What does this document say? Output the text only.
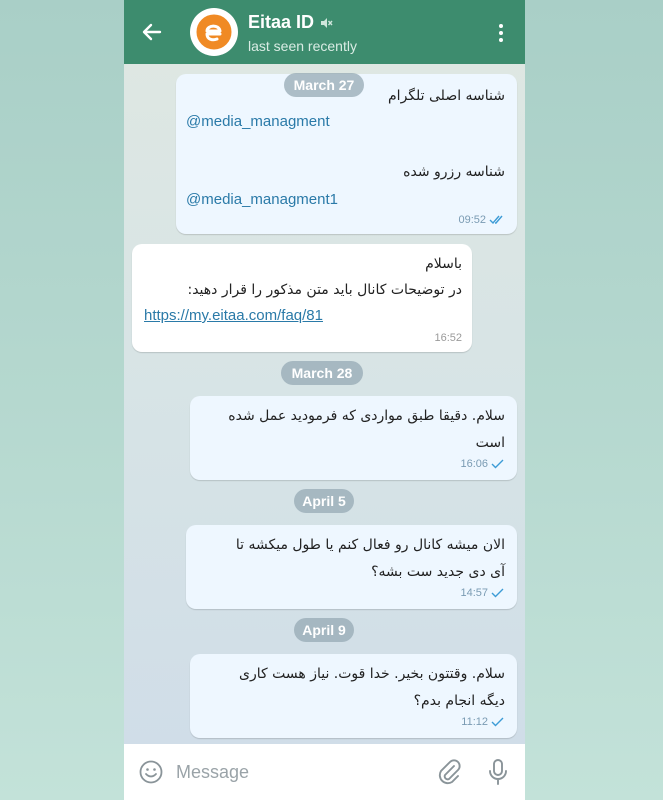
Eitaa ID
last seen recently
شناسه اصلی تلگرام
@media_managment
شناسه رزرو شده
@media_managment1
09:52
March 27
باسلام
در توضیحات کانال باید متن مذکور را قرار دهید:
https://my.eitaa.com/faq/81
16:52
March 28
سلام. دقیقا طبق مواردی که فرمودید عمل شده
است
16:06
April 5
الان میشه کانال رو فعال کنم یا طول میکشه تا
آی دی جدید ست بشه؟
14:57
April 9
سلام. وقتتون بخیر. خدا قوت. نیاز هست کاری
دیگه انجام بدم؟
11:12
Message
